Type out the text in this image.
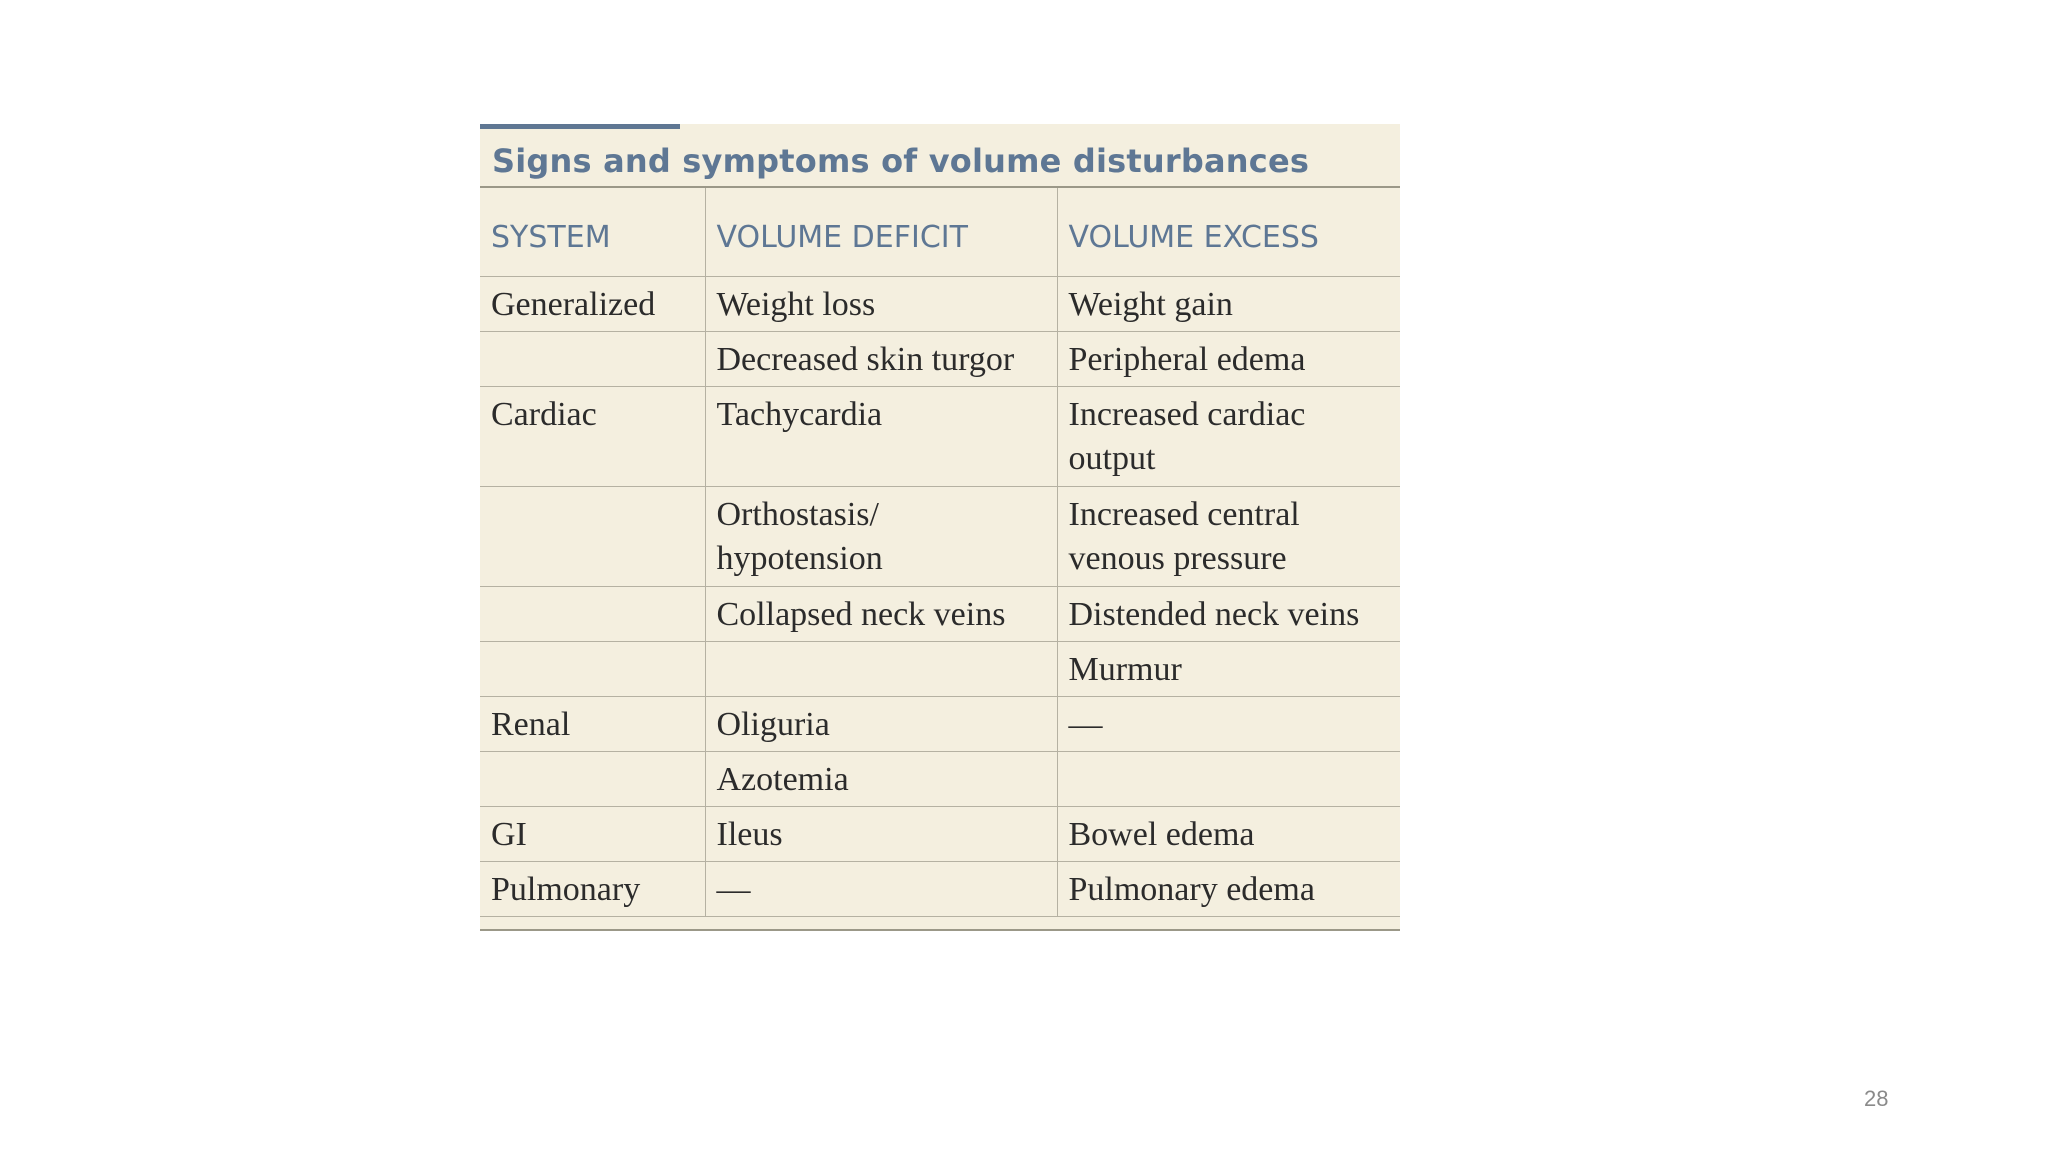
Signs and symptoms of volume disturbances
SYSTEM	VOLUME DEFICIT	VOLUME EXCESS
Generalized	Weight loss	Weight gain
	Decreased skin turgor	Peripheral edema
Cardiac	Tachycardia	Increased cardiac output
	Orthostasis/ hypotension	Increased central venous pressure
	Collapsed neck veins	Distended neck veins
		Murmur
Renal	Oliguria	—
	Azotemia	
GI	Ileus	Bowel edema
Pulmonary	—	Pulmonary edema
28
